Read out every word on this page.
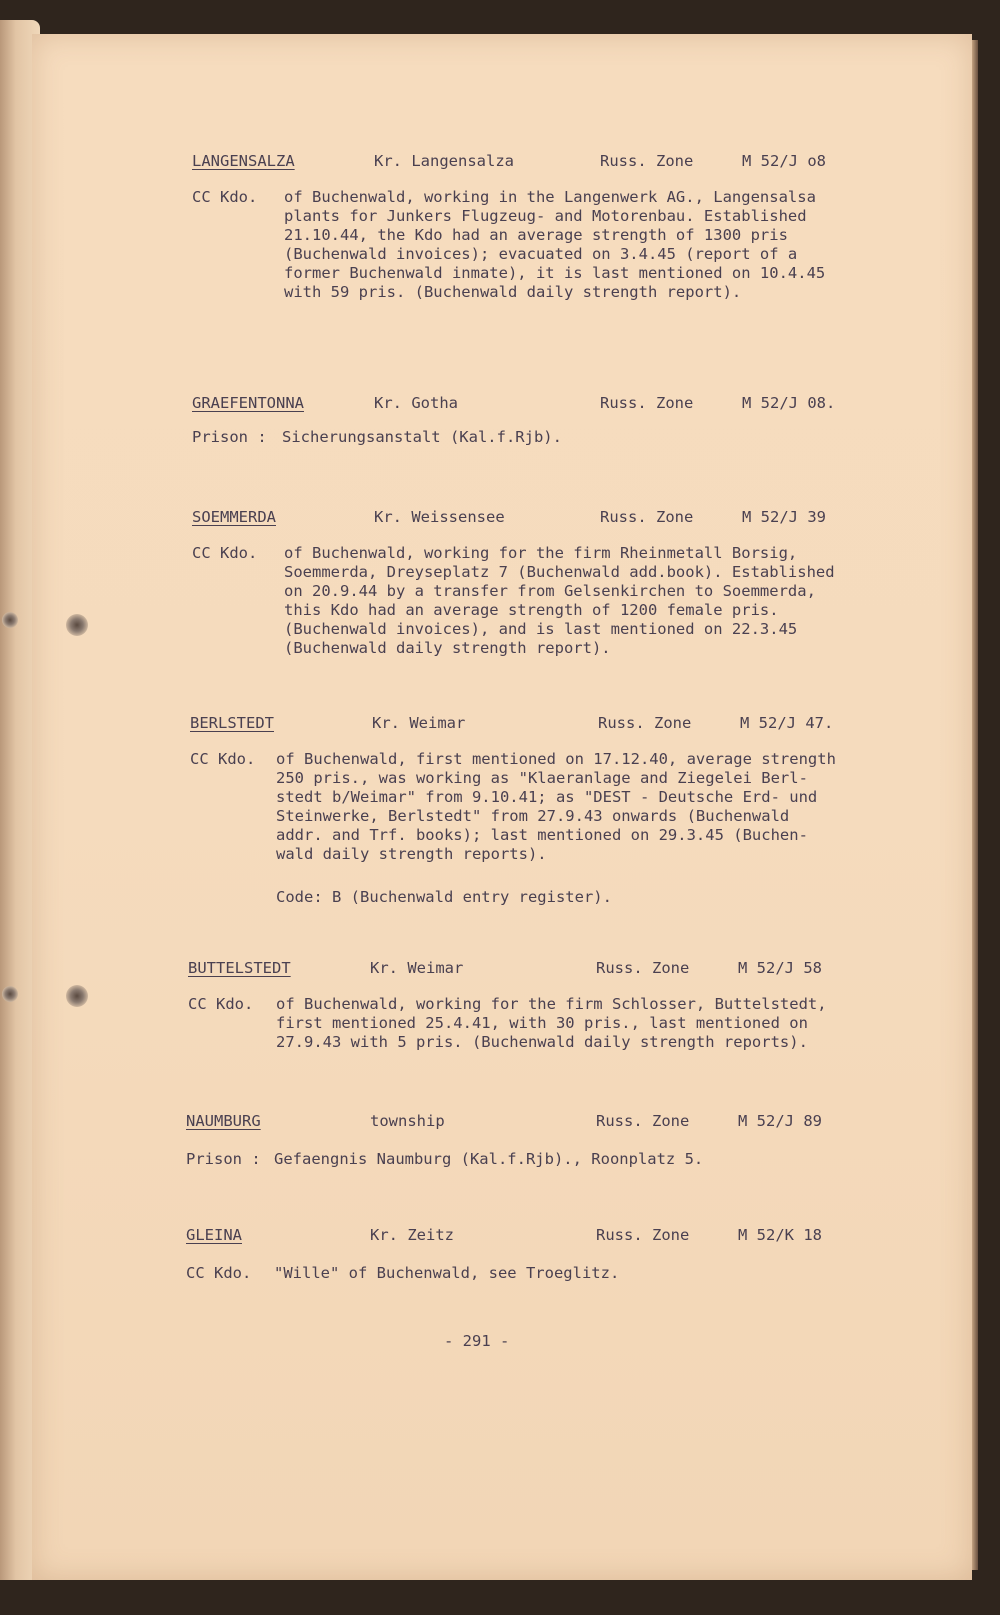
LANGENSALZA	Kr. Langensalza	Russ. Zone	M 52/J o8
CC Kdo. of Buchenwald, working in the Langenwerk AG., Langensalsa
plants for Junkers Flugzeug- and Motorenbau. Established
21.10.44, the Kdo had an average strength of 1300 pris
(Buchenwald invoices); evacuated on 3.4.45 (report of a
former Buchenwald inmate), it is last mentioned on 10.4.45
with 59 pris. (Buchenwald daily strength report).
GRAEFENTONNA	Kr. Gotha	Russ. Zone	M 52/J 08.
Prison : Sicherungsanstalt (Kal.f.Rjb).
SOEMMERDA	Kr. Weissensee	Russ. Zone	M 52/J 39
CC Kdo. of Buchenwald, working for the firm Rheinmetall Borsig,
Soemmerda, Dreyseplatz 7 (Buchenwald add.book). Established
on 20.9.44 by a transfer from Gelsenkirchen to Soemmerda,
this Kdo had an average strength of 1200 female pris.
(Buchenwald invoices), and is last mentioned on 22.3.45
(Buchenwald daily strength report).
BERLSTEDT	Kr. Weimar	Russ. Zone	M 52/J 47.
CC Kdo. of Buchenwald, first mentioned on 17.12.40, average strength
250 pris., was working as "Klaeranlage and Ziegelei Berl-
stedt b/Weimar" from 9.10.41; as "DEST - Deutsche Erd- und
Steinwerke, Berlstedt" from 27.9.43 onwards (Buchenwald
addr. and Trf. books); last mentioned on 29.3.45 (Buchen-
wald daily strength reports).
Code: B (Buchenwald entry register).
BUTTELSTEDT	Kr. Weimar	Russ. Zone	M 52/J 58
CC Kdo. of Buchenwald, working for the firm Schlosser, Buttelstedt,
first mentioned 25.4.41, with 30 pris., last mentioned on
27.9.43 with 5 pris. (Buchenwald daily strength reports).
NAUMBURG	township	Russ. Zone	M 52/J 89
Prison : Gefaengnis Naumburg (Kal.f.Rjb)., Roonplatz 5.
GLEINA	Kr. Zeitz	Russ. Zone	M 52/K 18
CC Kdo. "Wille" of Buchenwald, see Troeglitz.
- 291 -
